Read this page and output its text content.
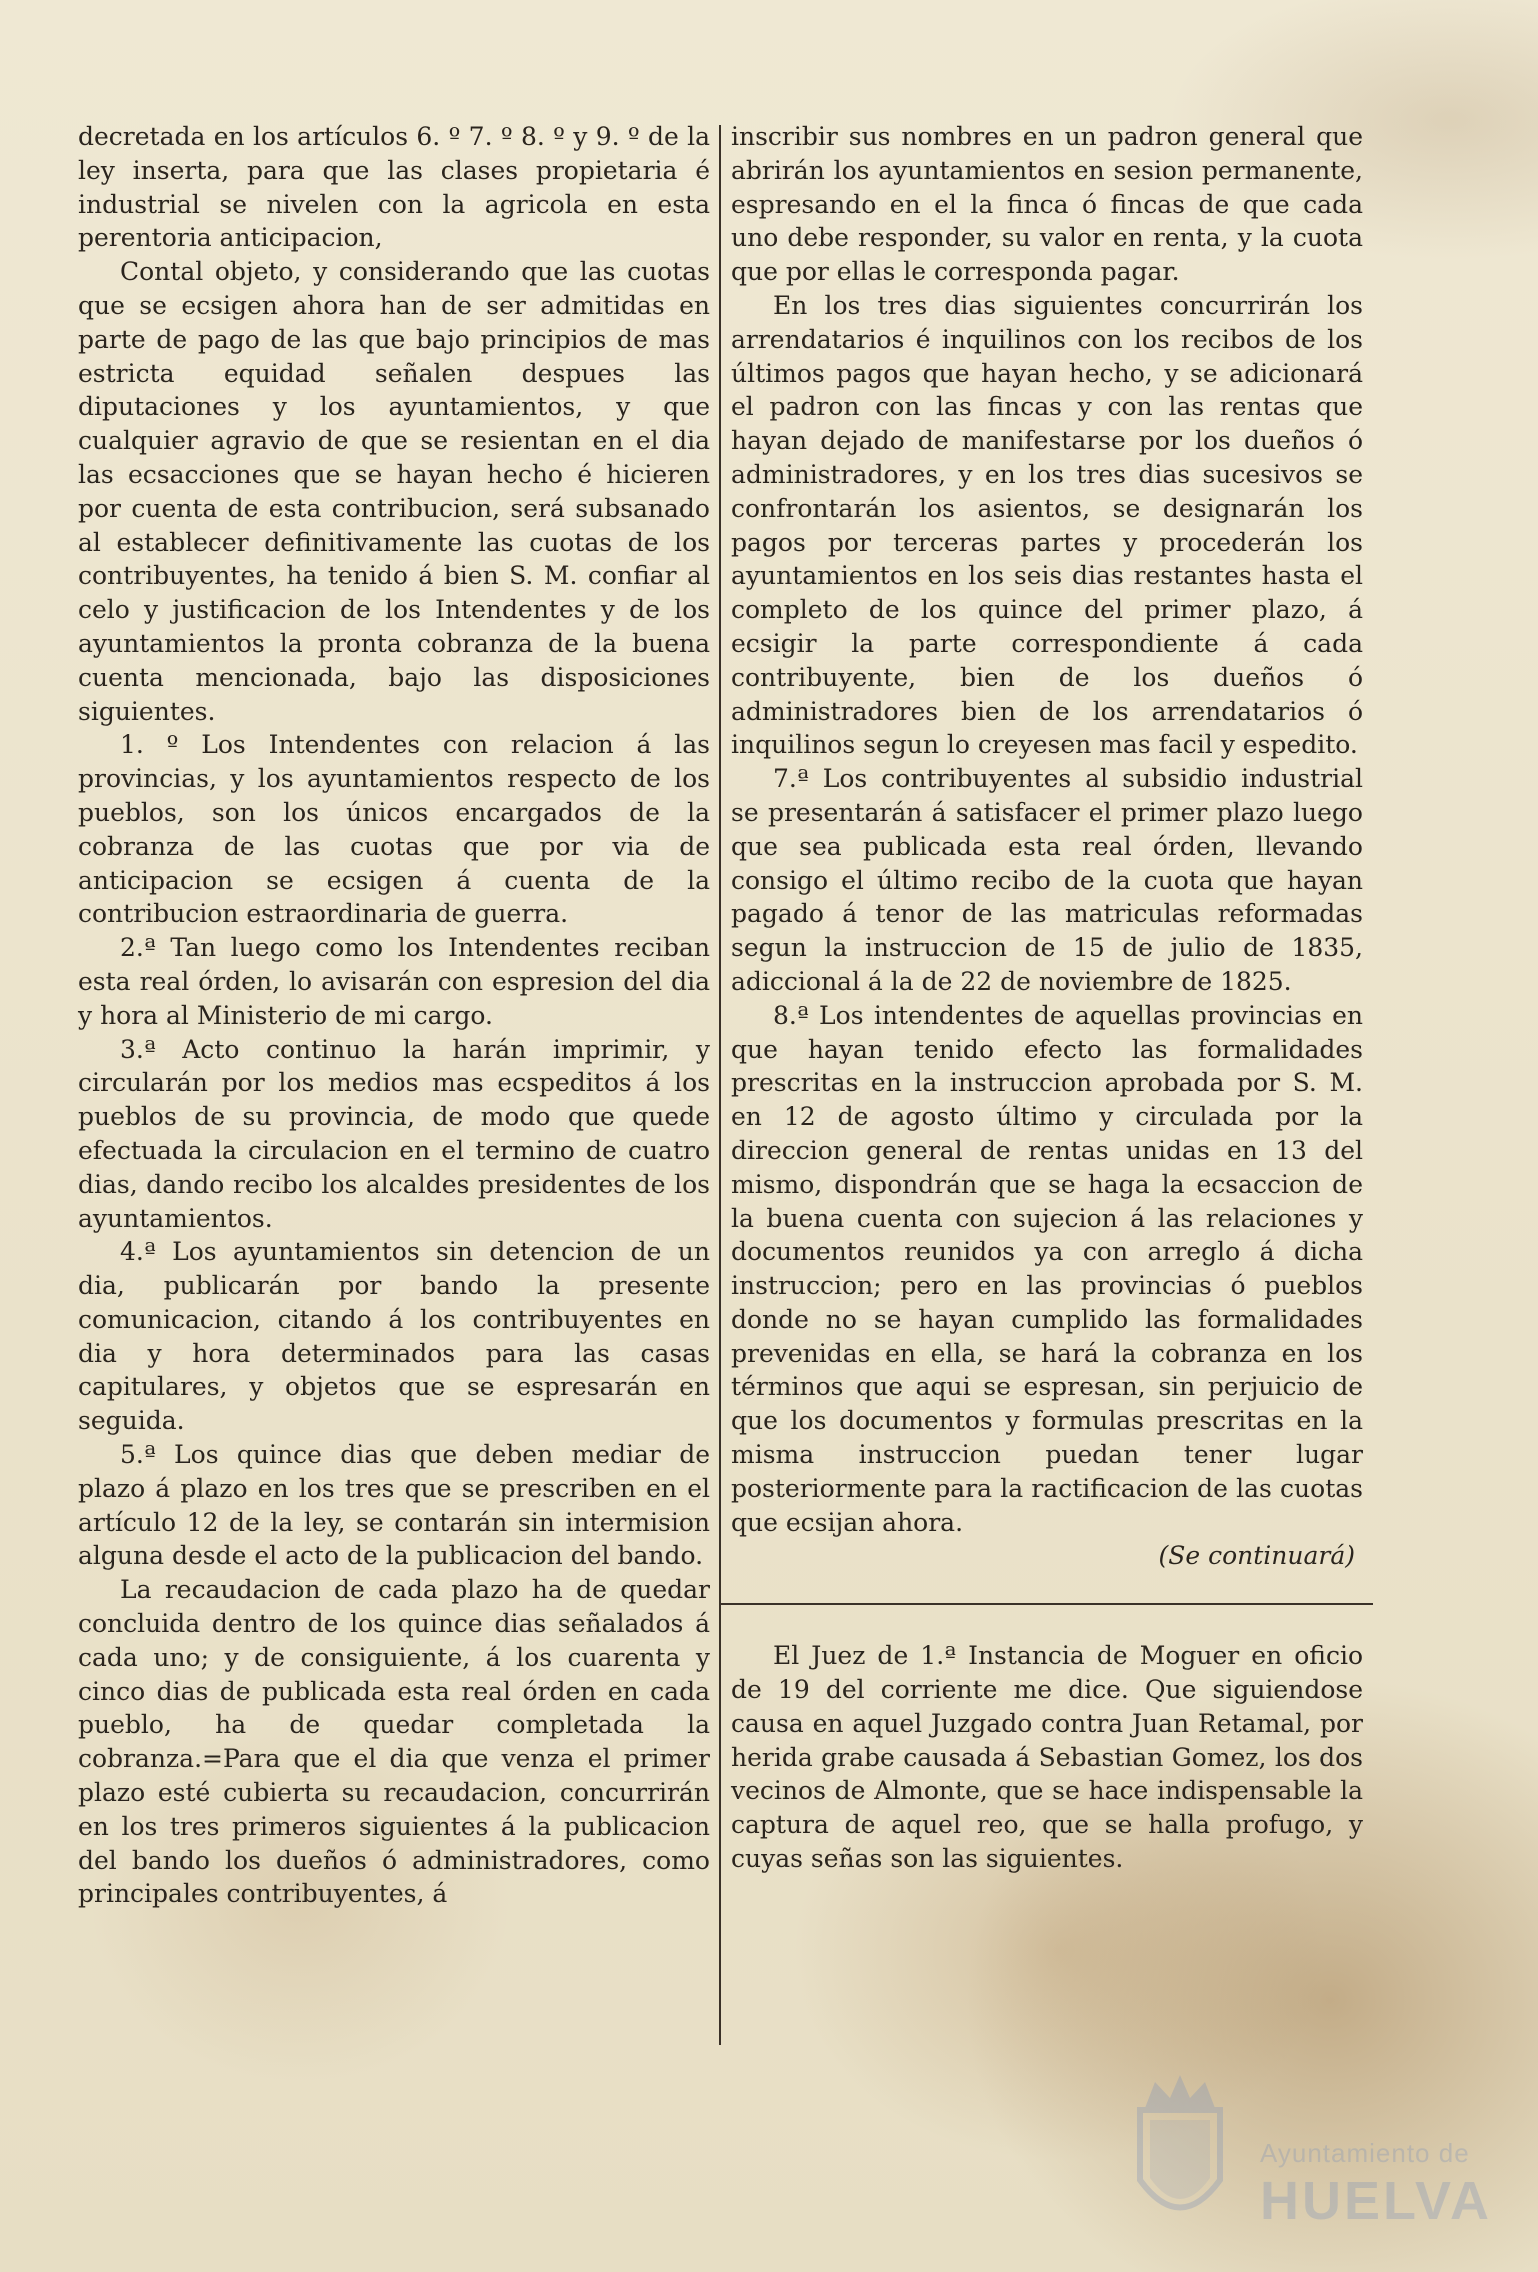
decretada en los artículos 6. º 7. º 8. º y 9. º de la ley inserta, para que las clases propietaria é industrial se nivelen con la agricola en esta perentoria anticipacion,

Contal objeto, y considerando que las cuotas que se ecsigen ahora han de ser admitidas en parte de pago de las que bajo principios de mas estricta equidad señalen despues las diputaciones y los ayuntamientos, y que cualquier agravio de que se resientan en el dia las ecsacciones que se hayan hecho é hicieren por cuenta de esta contribucion, será subsanado al establecer definitivamente las cuotas de los contribuyentes, ha tenido á bien S. M. confiar al celo y justificacion de los Intendentes y de los ayuntamientos la pronta cobranza de la buena cuenta mencionada, bajo las disposiciones siguientes.

1. º Los Intendentes con relacion á las provincias, y los ayuntamientos respecto de los pueblos, son los únicos encargados de la cobranza de las cuotas que por via de anticipacion se ecsigen á cuenta de la contribucion estraordinaria de guerra.

2.ª Tan luego como los Intendentes reciban esta real órden, lo avisarán con espresion del dia y hora al Ministerio de mi cargo.

3.ª Acto continuo la harán imprimir, y circularán por los medios mas ecspeditos á los pueblos de su provincia, de modo que quede efectuada la circulacion en el termino de cuatro dias, dando recibo los alcaldes presidentes de los ayuntamientos.

4.ª Los ayuntamientos sin detencion de un dia, publicarán por bando la presente comunicacion, citando á los contribuyentes en dia y hora determinados para las casas capitulares, y objetos que se espresarán en seguida.

5.ª Los quince dias que deben mediar de plazo á plazo en los tres que se prescriben en el artículo 12 de la ley, se contarán sin intermision alguna desde el acto de la publicacion del bando.

La recaudacion de cada plazo ha de quedar concluida dentro de los quince dias señalados á cada uno; y de consiguiente, á los cuarenta y cinco dias de publicada esta real órden en cada pueblo, ha de quedar completada la cobranza.=Para que el dia que venza el primer plazo esté cubierta su recaudacion, concurrirán en los tres primeros siguientes á la publicacion del bando los dueños ó administradores, como principales contribuyentes, á

inscribir sus nombres en un padron general que abrirán los ayuntamientos en sesion permanente, espresando en el la finca ó fincas de que cada uno debe responder, su valor en renta, y la cuota que por ellas le corresponda pagar.

En los tres dias siguientes concurrirán los arrendatarios é inquilinos con los recibos de los últimos pagos que hayan hecho, y se adicionará el padron con las fincas y con las rentas que hayan dejado de manifestarse por los dueños ó administradores, y en los tres dias sucesivos se confrontarán los asientos, se designarán los pagos por terceras partes y procederán los ayuntamientos en los seis dias restantes hasta el completo de los quince del primer plazo, á ecsigir la parte correspondiente á cada contribuyente, bien de los dueños ó administradores bien de los arrendatarios ó inquilinos segun lo creyesen mas facil y espedito.

7.ª Los contribuyentes al subsidio industrial se presentarán á satisfacer el primer plazo luego que sea publicada esta real órden, llevando consigo el último recibo de la cuota que hayan pagado á tenor de las matriculas reformadas segun la instruccion de 15 de julio de 1835, adiccional á la de 22 de noviembre de 1825.

8.ª Los intendentes de aquellas provincias en que hayan tenido efecto las formalidades prescritas en la instruccion aprobada por S. M. en 12 de agosto último y circulada por la direccion general de rentas unidas en 13 del mismo, dispondrán que se haga la ecsaccion de la buena cuenta con sujecion á las relaciones y documentos reunidos ya con arreglo á dicha instruccion; pero en las provincias ó pueblos donde no se hayan cumplido las formalidades prevenidas en ella, se hará la cobranza en los términos que aqui se espresan, sin perjuicio de que los documentos y formulas prescritas en la misma instruccion puedan tener lugar posteriormente para la ractificacion de las cuotas que ecsijan ahora.

(Se continuará)

El Juez de 1.ª Instancia de Moguer en oficio de 19 del corriente me dice. Que siguiendose causa en aquel Juzgado contra Juan Retamal, por herida grabe causada á Sebastian Gomez, los dos vecinos de Almonte, que se hace indispensable la captura de aquel reo, que se halla profugo, y cuyas señas son las siguientes.

Ayuntamiento de
HUELVA
